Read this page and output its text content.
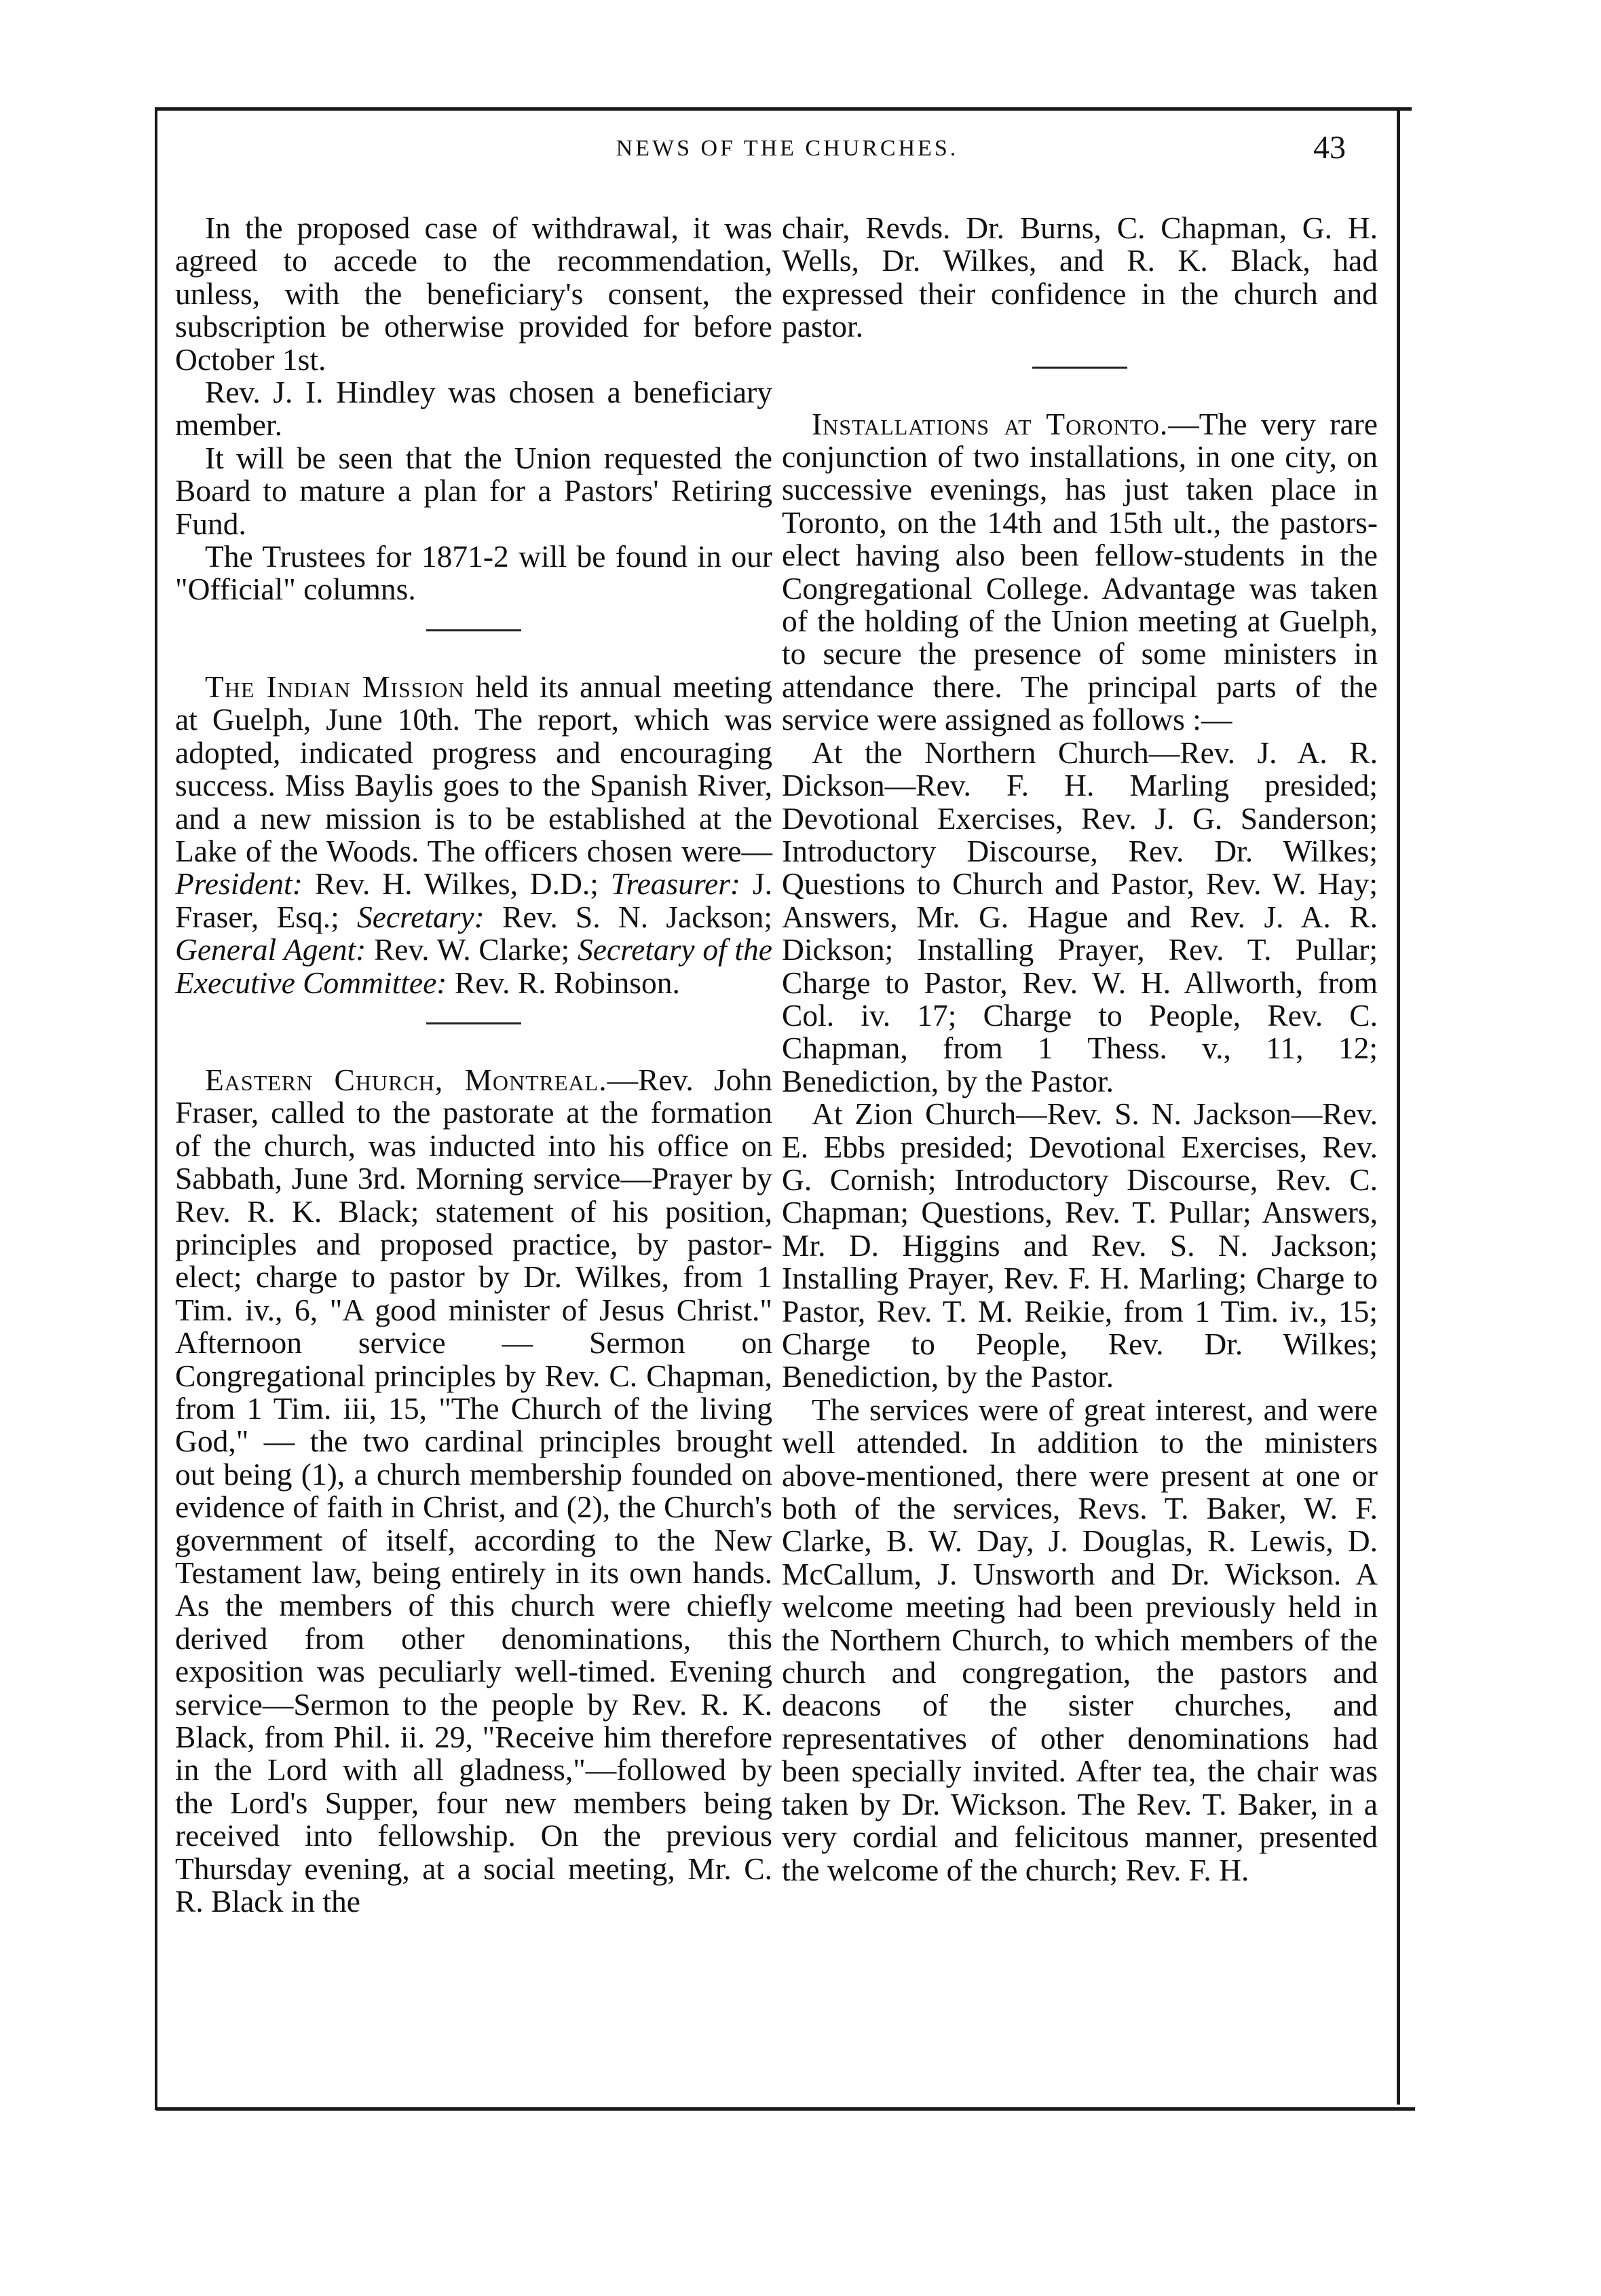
NEWS OF THE CHURCHES.	43

In the proposed case of withdrawal, it was agreed to accede to the recommendation, unless, with the beneficiary's consent, the subscription be otherwise provided for before October 1st.

Rev. J. I. Hindley was chosen a beneficiary member.

It will be seen that the Union requested the Board to mature a plan for a Pastors' Retiring Fund.

The Trustees for 1871-2 will be found in our "Official" columns.

The Indian Mission held its annual meeting at Guelph, June 10th. The report, which was adopted, indicated progress and encouraging success. Miss Baylis goes to the Spanish River, and a new mission is to be established at the Lake of the Woods. The officers chosen were—President: Rev. H. Wilkes, D.D.; Treasurer: J. Fraser, Esq.; Secretary: Rev. S. N. Jackson; General Agent: Rev. W. Clarke; Secretary of the Executive Committee: Rev. R. Robinson.

Eastern Church, Montreal.—Rev. John Fraser, called to the pastorate at the formation of the church, was inducted into his office on Sabbath, June 3rd. Morning service—Prayer by Rev. R. K. Black; statement of his position, principles and proposed practice, by pastor-elect; charge to pastor by Dr. Wilkes, from 1 Tim. iv., 6, "A good minister of Jesus Christ." Afternoon service — Sermon on Congregational principles by Rev. C. Chapman, from 1 Tim. iii, 15, "The Church of the living God," — the two cardinal principles brought out being (1), a church membership founded on evidence of faith in Christ, and (2), the Church's government of itself, according to the New Testament law, being entirely in its own hands. As the members of this church were chiefly derived from other denominations, this exposition was peculiarly well-timed. Evening service—Sermon to the people by Rev. R. K. Black, from Phil. ii. 29, "Receive him therefore in the Lord with all gladness,"—followed by the Lord's Supper, four new members being received into fellowship. On the previous Thursday evening, at a social meeting, Mr. C. R. Black in the

chair, Revds. Dr. Burns, C. Chapman, G. H. Wells, Dr. Wilkes, and R. K. Black, had expressed their confidence in the church and pastor.

Installations at Toronto.—The very rare conjunction of two installations, in one city, on successive evenings, has just taken place in Toronto, on the 14th and 15th ult., the pastors-elect having also been fellow-students in the Congregational College. Advantage was taken of the holding of the Union meeting at Guelph, to secure the presence of some ministers in attendance there. The principal parts of the service were assigned as follows :—

At the Northern Church—Rev. J. A. R. Dickson—Rev. F. H. Marling presided; Devotional Exercises, Rev. J. G. Sanderson; Introductory Discourse, Rev. Dr. Wilkes; Questions to Church and Pastor, Rev. W. Hay; Answers, Mr. G. Hague and Rev. J. A. R. Dickson; Installing Prayer, Rev. T. Pullar; Charge to Pastor, Rev. W. H. Allworth, from Col. iv. 17; Charge to People, Rev. C. Chapman, from 1 Thess. v., 11, 12; Benediction, by the Pastor.

At Zion Church—Rev. S. N. Jackson—Rev. E. Ebbs presided; Devotional Exercises, Rev. G. Cornish; Introductory Discourse, Rev. C. Chapman; Questions, Rev. T. Pullar; Answers, Mr. D. Higgins and Rev. S. N. Jackson; Installing Prayer, Rev. F. H. Marling; Charge to Pastor, Rev. T. M. Reikie, from 1 Tim. iv., 15; Charge to People, Rev. Dr. Wilkes; Benediction, by the Pastor.

The services were of great interest, and were well attended. In addition to the ministers above-mentioned, there were present at one or both of the services, Revs. T. Baker, W. F. Clarke, B. W. Day, J. Douglas, R. Lewis, D. McCallum, J. Unsworth and Dr. Wickson. A welcome meeting had been previously held in the Northern Church, to which members of the church and congregation, the pastors and deacons of the sister churches, and representatives of other denominations had been specially invited. After tea, the chair was taken by Dr. Wickson. The Rev. T. Baker, in a very cordial and felicitous manner, presented the welcome of the church; Rev. F. H.
